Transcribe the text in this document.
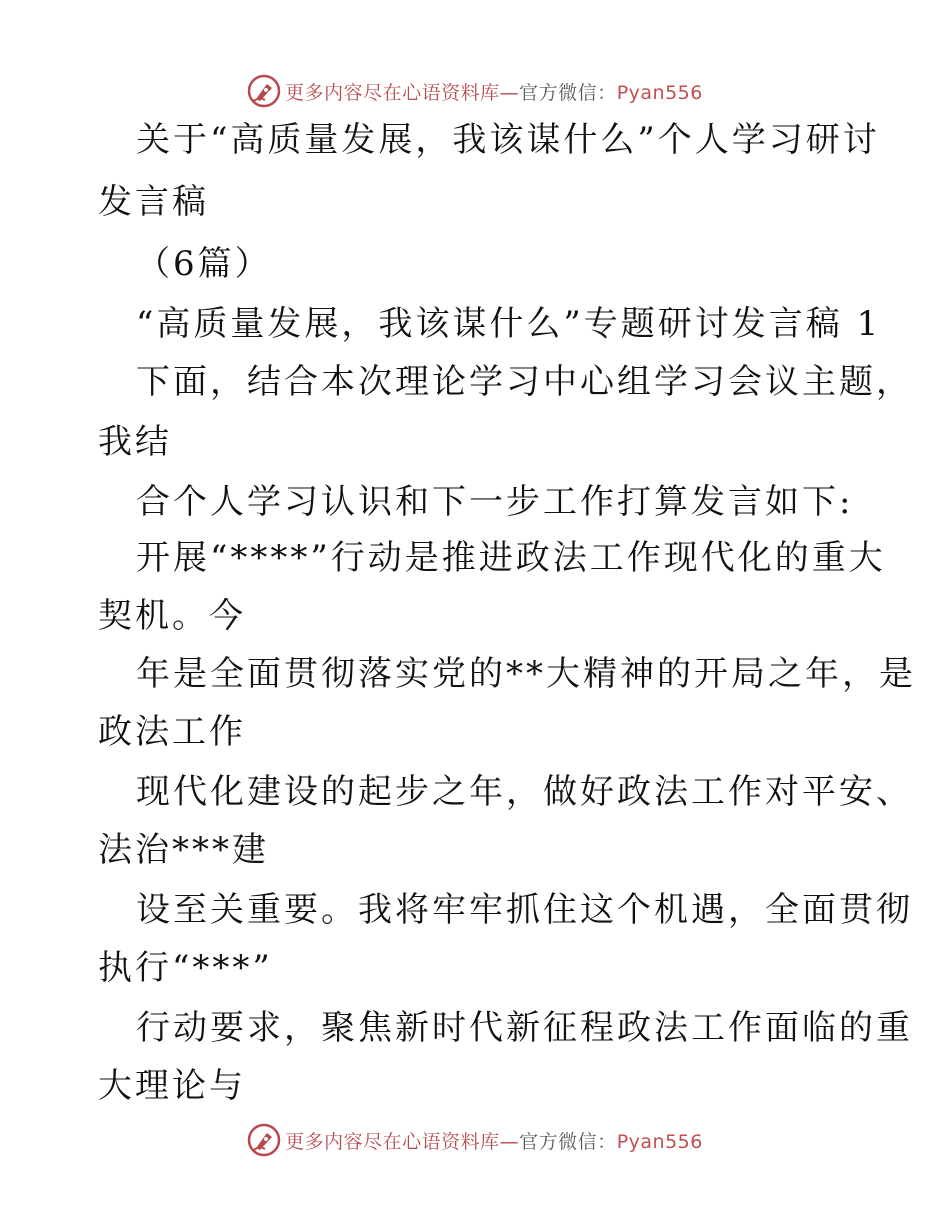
更多内容尽在心语资料库—官方微信：Pyan556
关于“高质量发展，我该谋什么”个人学习研讨
发言稿
（6篇）
“高质量发展，我该谋什么”专题研讨发言稿 1
下面，结合本次理论学习中心组学习会议主题，
我结
合个人学习认识和下一步工作打算发言如下:
开展“****”行动是推进政法工作现代化的重大
契机。今
年是全面贯彻落实党的**大精神的开局之年，是
政法工作
现代化建设的起步之年，做好政法工作对平安、
法治***建
设至关重要。我将牢牢抓住这个机遇，全面贯彻
执行“***”
行动要求，聚焦新时代新征程政法工作面临的重
大理论与
更多内容尽在心语资料库—官方微信：Pyan556
